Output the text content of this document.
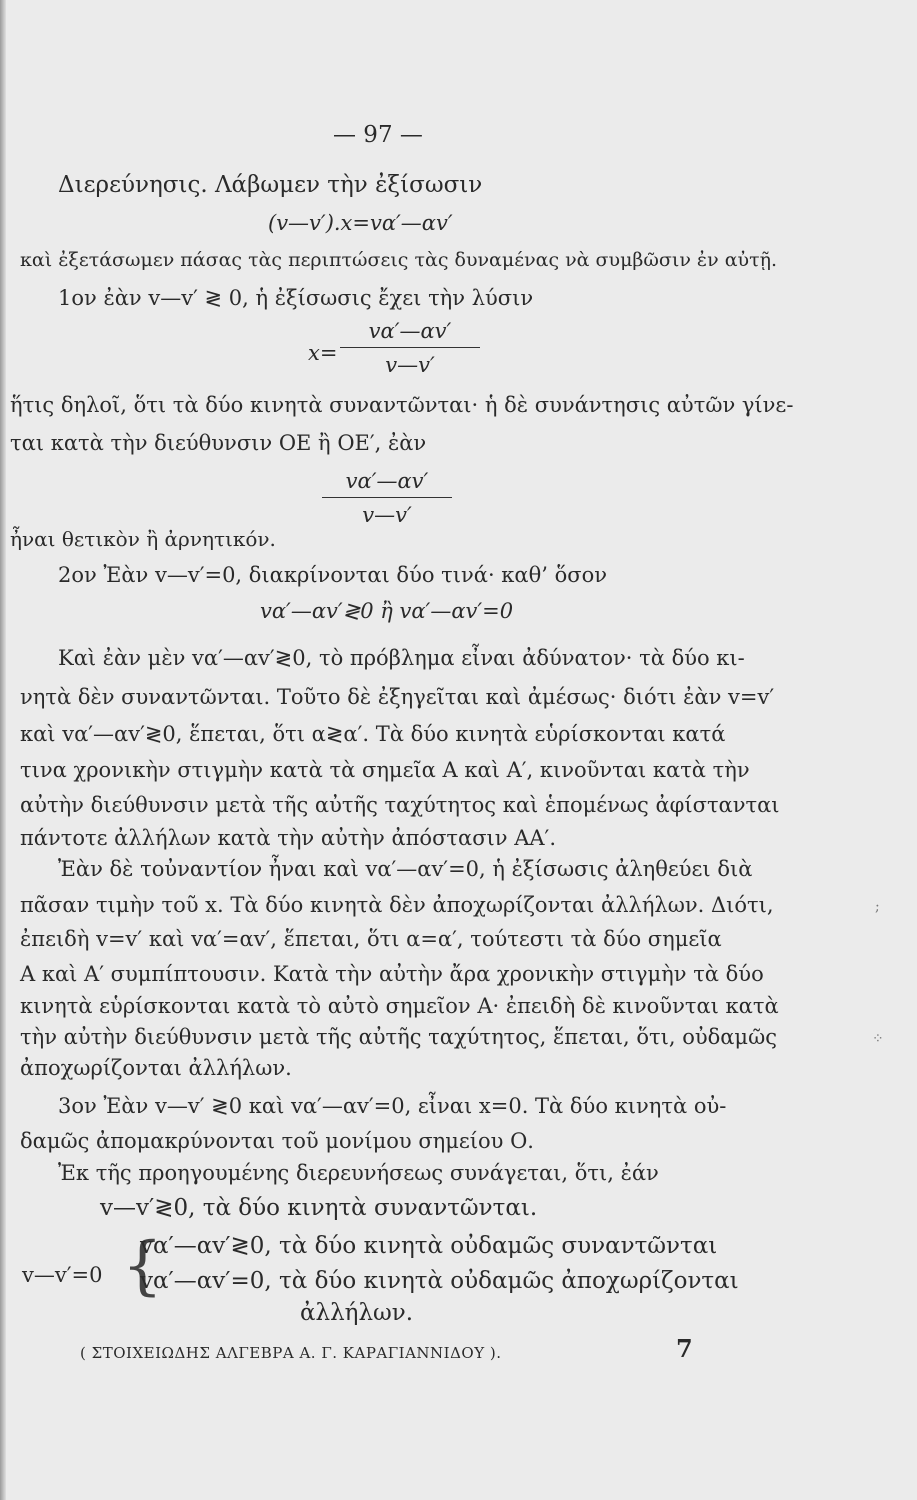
— 97 —
Διερεύνησις. Λάβωμεν τὴν ἐξίσωσιν
(v—v′).x=vα′—αv′
καὶ ἐξετάσωμεν πάσας τὰς περιπτώσεις τὰς δυναμένας νὰ συμβῶσιν ἐν αὐτῇ.
1ον ἐὰν v—v′ ≷ 0, ἡ ἐξίσωσις ἔχει τὴν λύσιν
$x= \frac{v\alpha'—\alpha v'}{v—v'}$
ἥτις δηλοῖ, ὅτι τὰ δύο κινητὰ συναντῶνται· ἡ δὲ συνάντησις αὐτῶν γίνε-
ται κατὰ τὴν διεύθυνσιν ΟΕ ἢ ΟΕ′, ἐὰν
$\frac{v\alpha'—\alpha v'}{v—v'}$
ἦναι θετικὸν ἢ ἀρνητικόν.
2ον Ἐὰν v—v′=0, διακρίνονται δύο τινά· καθ’ ὅσον
vα′—αv′≷0 ἢ vα′—αv′=0
Καὶ ἐὰν μὲν vα′—αv′≷0, τὸ πρόβλημα εἶναι ἀδύνατον· τὰ δύο κι-
νητὰ δὲν συναντῶνται. Τοῦτο δὲ ἐξηγεῖται καὶ ἀμέσως· διότι ἐὰν v=v′
καὶ vα′—αv′≷0, ἕπεται, ὅτι α≷α′. Τὰ δύο κινητὰ εὑρίσκονται κατά
τινα χρονικὴν στιγμὴν κατὰ τὰ σημεῖα Α καὶ Α′, κινοῦνται κατὰ τὴν
αὐτὴν διεύθυνσιν μετὰ τῆς αὐτῆς ταχύτητος καὶ ἑπομένως ἀφίστανται
πάντοτε ἀλλήλων κατὰ τὴν αὐτὴν ἀπόστασιν ΑΑ′.
Ἐὰν δὲ τοὐναντίον ἦναι καὶ vα′—αv′=0, ἡ ἐξίσωσις ἀληθεύει διὰ
πᾶσαν τιμὴν τοῦ x. Τὰ δύο κινητὰ δὲν ἀποχωρίζονται ἀλλήλων. Διότι,
ἐπειδὴ v=v′ καὶ vα′=αv′, ἕπεται, ὅτι α=α′, τούτεστι τὰ δύο σημεῖα
Α καὶ Α′ συμπίπτουσιν. Κατὰ τὴν αὐτὴν ἄρα χρονικὴν στιγμὴν τὰ δύο
κινητὰ εὑρίσκονται κατὰ τὸ αὐτὸ σημεῖον Α· ἐπειδὴ δὲ κινοῦνται κατὰ
τὴν αὐτὴν διεύθυνσιν μετὰ τῆς αὐτῆς ταχύτητος, ἕπεται, ὅτι, οὐδαμῶς
ἀποχωρίζονται ἀλλήλων.
3ον Ἐὰν v—v′ ≷0 καὶ vα′—αv′=0, εἶναι x=0. Τὰ δύο κινητὰ οὐ-
δαμῶς ἀπομακρύνονται τοῦ μονίμου σημείου Ο.
Ἐκ τῆς προηγουμένης διερευνήσεως συνάγεται, ὅτι, ἐάν
v—v′≷0, τὰ δύο κινητὰ συναντῶνται.
v—v′=0 {
vα′—αv′≷0, τὰ δύο κινητὰ οὐδαμῶς συναντῶνται
vα′—αv′=0, τὰ δύο κινητὰ οὐδαμῶς ἀποχωρίζονται
ἀλλήλων.
( ΣΤΟΙΧΕΙΩΔΗΣ ΑΛΓΕΒΡΑ Α. Γ. ΚΑΡΑΓΙΑΝΝΙΔΟΥ ).	7
;
⁘
